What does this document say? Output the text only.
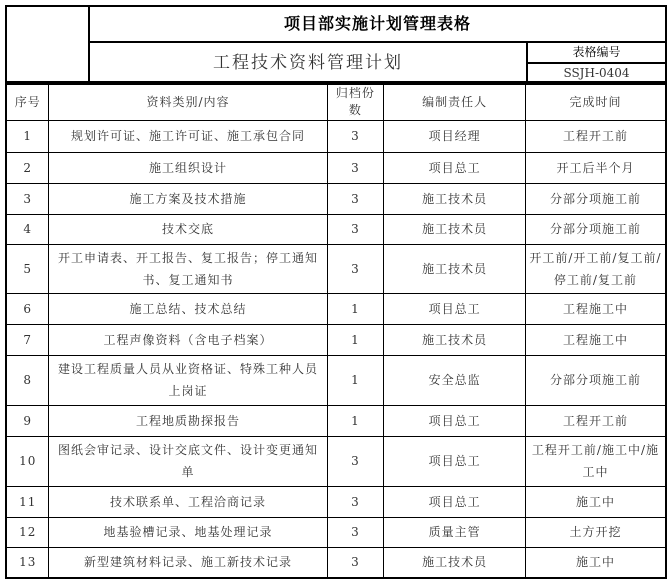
项目部实施计划管理表格
工程技术资料管理计划
表格编号
SSJH-0404
序号	资料类别/内容	归档份数	编制责任人	完成时间
1	规划许可证、施工许可证、施工承包合同	3	项目经理	工程开工前
2	施工组织设计	3	项目总工	开工后半个月
3	施工方案及技术措施	3	施工技术员	分部分项施工前
4	技术交底	3	施工技术员	分部分项施工前
5	开工申请表、开工报告、复工报告；停工通知书、复工通知书	3	施工技术员	开工前/开工前/复工前/停工前/复工前
6	施工总结、技术总结	1	项目总工	工程施工中
7	工程声像资料（含电子档案）	1	施工技术员	工程施工中
8	建设工程质量人员从业资格证、特殊工种人员上岗证	1	安全总监	分部分项施工前
9	工程地质勘探报告	1	项目总工	工程开工前
10	图纸会审记录、设计交底文件、设计变更通知单	3	项目总工	工程开工前/施工中/施工中
11	技术联系单、工程洽商记录	3	项目总工	施工中
12	地基验槽记录、地基处理记录	3	质量主管	土方开挖
13	新型建筑材料记录、施工新技术记录	3	施工技术员	施工中
